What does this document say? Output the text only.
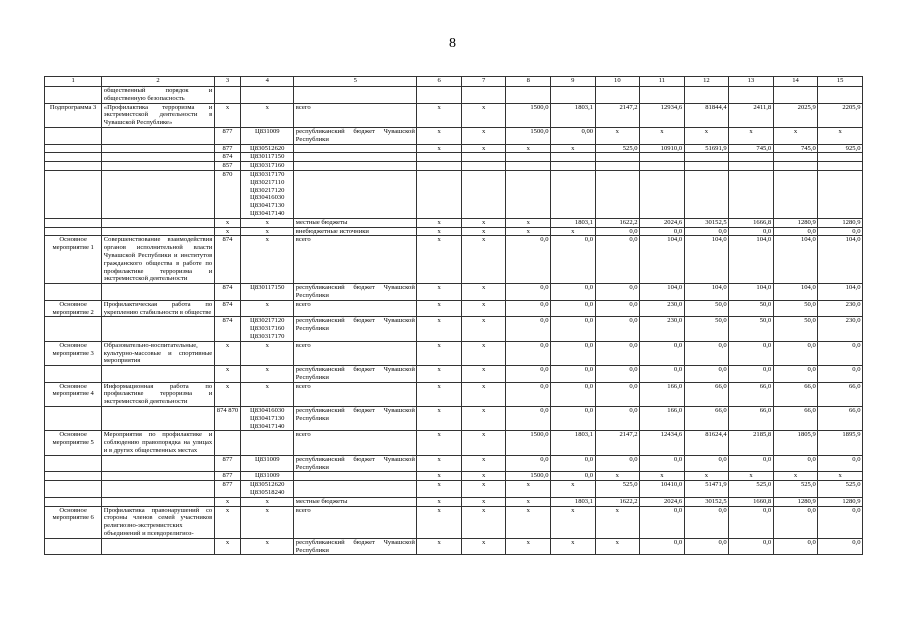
8
1	2	3	4	5	6	7	8	9	10	11	12	13	14	15
	общественный порядок и общественную безопасность													
Подпрограмма 3	«Профилактика терроризма и экстремистской деятельности в Чувашской Республике»	х	х	всего	х	х	1500,0	1803,1	2147,2	12934,6	81844,4	2411,8	2025,9	2205,9
		877	Ц831009	республиканский бюджет Чувашской Республики	х	х	1500,0	0,00	х	х	х	х	х	х
		877	Ц830512620		х	х	х	х	525,0	10910,0	51691,9	745,0	745,0	925,0
		874	Ц830117150											
		857	Ц830317160											
		870	Ц830317170 Ц830217110 Ц830217120 Ц830416030 Ц830417130 Ц830417140											
		х	х	местные бюджеты	х	х	х	1803,1	1622,2	2024,6	30152,5	1666,8	1280,9	1280,9
		х	х	внебюджетные источники	х	х	х	х	0,0	0,0	0,0	0,0	0,0	0,0
Основное мероприятие 1	Совершенствование взаимодействия органов исполнительной власти Чувашской Республики и институтов гражданского общества в работе по профилактике терроризма и экстремистской деятельности	874	х	всего	х	х	0,0	0,0	0,0	104,0	104,0	104,0	104,0	104,0
		874	Ц830117150	республиканский бюджет Чувашской Республики	х	х	0,0	0,0	0,0	104,0	104,0	104,0	104,0	104,0
Основное мероприятие 2	Профилактическая работа по укреплению стабильности в обществе	874	х	всего	х	х	0,0	0,0	0,0	230,0	50,0	50,0	50,0	230,0
		874	Ц830217120 Ц830317160 Ц830317170	республиканский бюджет Чувашской Республики	х	х	0,0	0,0	0,0	230,0	50,0	50,0	50,0	230,0
Основное мероприятие 3	Образовательно-воспитательные, культурно-массовые и спортивные мероприятия	х	х	всего	х	х	0,0	0,0	0,0	0,0	0,0	0,0	0,0	0,0
		х	х	республиканский бюджет Чувашской Республики	х	х	0,0	0,0	0,0	0,0	0,0	0,0	0,0	0,0
Основное мероприятие 4	Информационная работа по профилактике терроризма и экстремистской деятельности	х	х	всего	х	х	0,0	0,0	0,0	166,0	66,0	66,0	66,0	66,0
		874 870	Ц830416030 Ц830417130 Ц830417140	республиканский бюджет Чувашской Республики	х	х	0,0	0,0	0,0	166,0	66,0	66,0	66,0	66,0
Основное мероприятие 5	Мероприятия по профилактике и соблюдению правопорядка на улицах и в других общественных местах			всего	х	х	1500,0	1803,1	2147,2	12434,6	81624,4	2185,8	1805,9	1895,9
		877	Ц831009	республиканский бюджет Чувашской Республики	х	х	0,0	0,0	0,0	0,0	0,0	0,0	0,0	0,0
		877	Ц831009		х	х	1500,0	0,0	х	х	х	х	х	х
		877	Ц830512620 Ц830518240		х	х	х	х	525,0	10410,0	51471,9	525,0	525,0	525,0
		х	х	местные бюджеты	х	х	х	1803,1	1622,2	2024,6	30152,5	1660,8	1280,9	1280,9
Основное мероприятие 6	Профилактика правонарушений со стороны членов семей участников религиозно-экстремистских объединений и псевдорелигиоз-	х	х	всего	х	х	х	х	х	0,0	0,0	0,0	0,0	0,0
		х	х	республиканский бюджет Чувашской Республики	х	х	х	х	х	0,0	0,0	0,0	0,0	0,0
